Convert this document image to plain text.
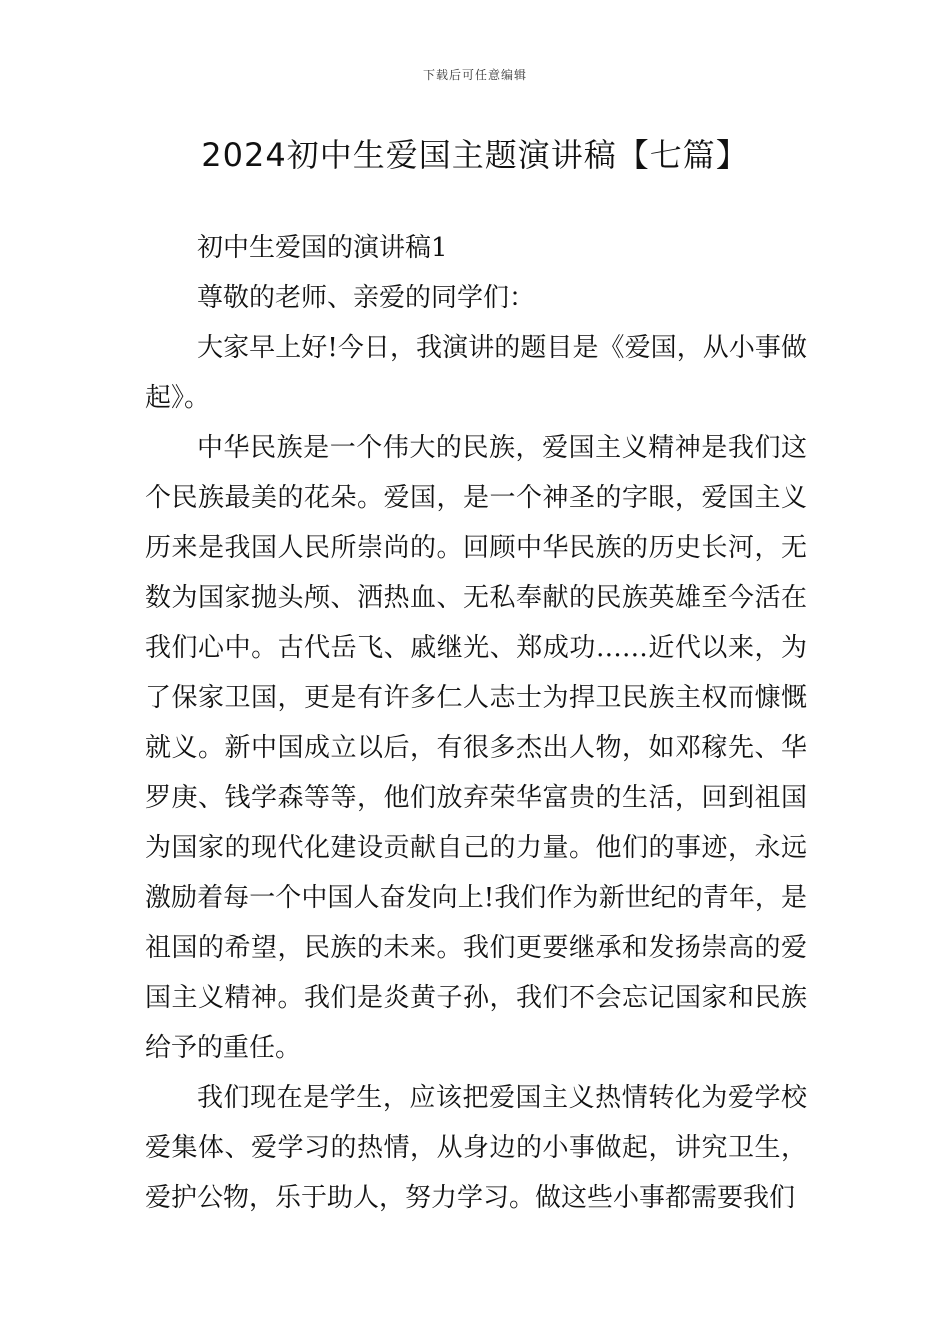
下载后可任意编辑
2024初中生爱国主题演讲稿【七篇】

初中生爱国的演讲稿1

尊敬的老师、亲爱的同学们：

大家早上好!今日，我演讲的题目是《爱国，从小事做起》。

中华民族是一个伟大的民族，爱国主义精神是我们这个民族最美的花朵。爱国，是一个神圣的字眼，爱国主义历来是我国人民所崇尚的。回顾中华民族的历史长河，无数为国家抛头颅、洒热血、无私奉献的民族英雄至今活在我们心中。古代岳飞、戚继光、郑成功……近代以来，为了保家卫国，更是有许多仁人志士为捍卫民族主权而慷慨就义。新中国成立以后，有很多杰出人物，如邓稼先、华罗庚、钱学森等等，他们放弃荣华富贵的生活，回到祖国为国家的现代化建设贡献自己的力量。他们的事迹，永远激励着每一个中国人奋发向上!我们作为新世纪的青年，是祖国的希望，民族的未来。我们更要继承和发扬崇高的爱国主义精神。我们是炎黄子孙，我们不会忘记国家和民族给予的重任。

我们现在是学生，应该把爱国主义热情转化为爱学校爱集体、爱学习的热情，从身边的小事做起，讲究卫生，爱护公物，乐于助人，努力学习。做这些小事都需要我们
